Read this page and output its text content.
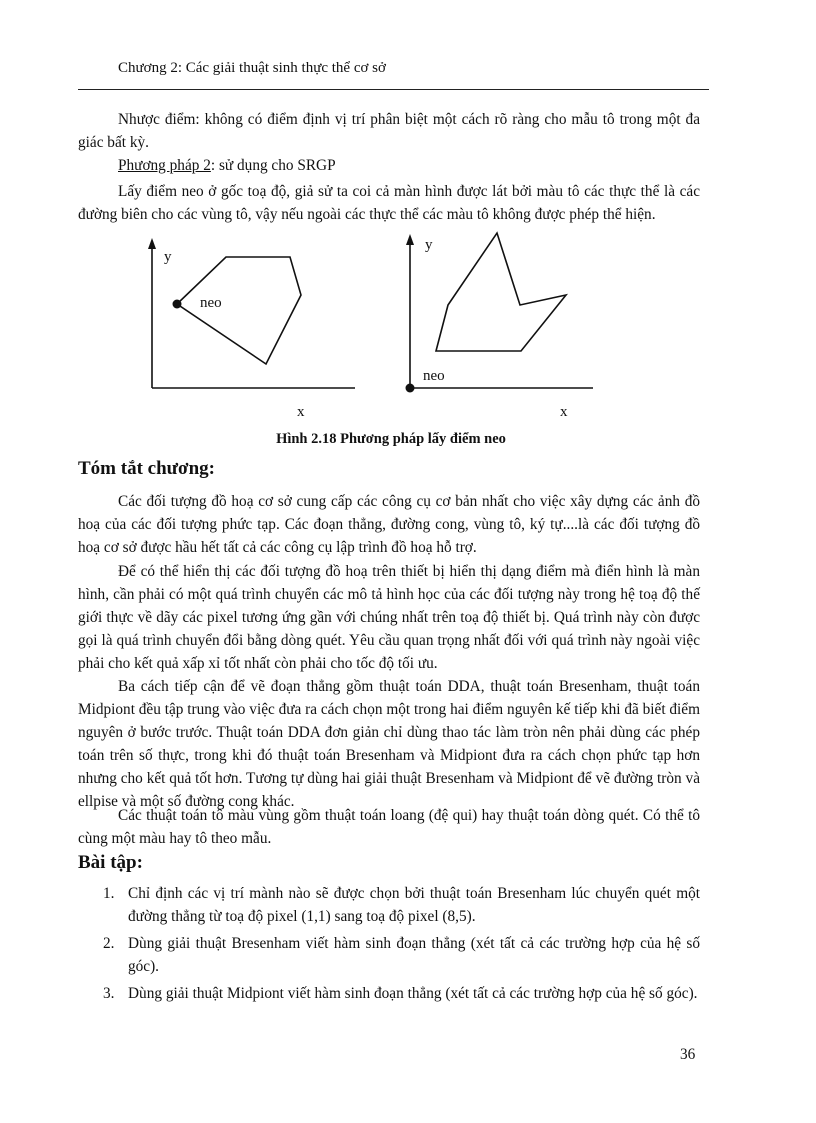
Chương 2: Các giải thuật sinh thực thể cơ sở
Nhược điểm: không có điểm định vị trí phân biệt một cách rõ ràng cho mẫu tô trong một đa giác bất kỳ.
Phương pháp 2: sử dụng cho SRGP
Lấy điểm neo ở gốc toạ độ, giả sử ta coi cả màn hình được lát bởi màu tô các thực thể là các đường biên cho các vùng tô, vậy nếu ngoài các thực thể các màu tô không được phép thể hiện.
y
x
neo
y
x
neo
Hình 2.18 Phương pháp lấy điểm neo
Tóm tắt chương:
Các đối tượng đồ hoạ cơ sở cung cấp các công cụ cơ bản nhất cho việc xây dựng các ảnh đồ hoạ của các đối tượng phức tạp. Các đoạn thẳng, đường cong, vùng tô, ký tự....là các đối tượng đồ hoạ cơ sở được hầu hết tất cả các công cụ lập trình đồ hoạ hỗ trợ.
Để có thể hiển thị các đối tượng đồ hoạ trên thiết bị hiển thị dạng điểm mà điển hình là màn hình, cần phải có một quá trình chuyển các mô tả hình học của các đối tượng này trong hệ toạ độ thế giới thực về dãy các pixel tương ứng gần với chúng nhất trên toạ độ thiết bị. Quá trình này còn được gọi là quá trình chuyển đổi bằng dòng quét. Yêu cầu quan trọng nhất đối với quá trình này ngoài việc phải cho kết quả xấp xỉ tốt nhất còn phải cho tốc độ tối ưu.
Ba cách tiếp cận để vẽ đoạn thẳng gồm thuật toán DDA, thuật toán Bresenham, thuật toán Midpiont đều tập trung vào việc đưa ra cách chọn một trong hai điểm nguyên kế tiếp khi đã biết điểm nguyên ở bước trước. Thuật toán DDA đơn giản chỉ dùng thao tác làm tròn nên phải dùng các phép toán trên số thực, trong khi đó thuật toán Bresenham và Midpiont đưa ra cách chọn phức tạp hơn nhưng cho kết quả tốt hơn. Tương tự dùng hai giải thuật Bresenham và Midpiont để vẽ đường tròn và ellpise và một số đường cong khác.
Các thuật toán tô màu vùng gồm thuật toán loang (đệ qui) hay thuật toán dòng quét. Có thể tô cùng một màu hay tô theo mẫu.
Bài tập:
1. Chỉ định các vị trí mành nào sẽ được chọn bởi thuật toán Bresenham lúc chuyển quét một đường thẳng từ toạ độ pixel (1,1) sang toạ độ pixel (8,5).
2. Dùng giải thuật Bresenham viết hàm sinh đoạn thẳng (xét tất cả các trường hợp của hệ số góc).
3. Dùng giải thuật Midpiont viết hàm sinh đoạn thẳng (xét tất cả các trường hợp của hệ số góc).
36
